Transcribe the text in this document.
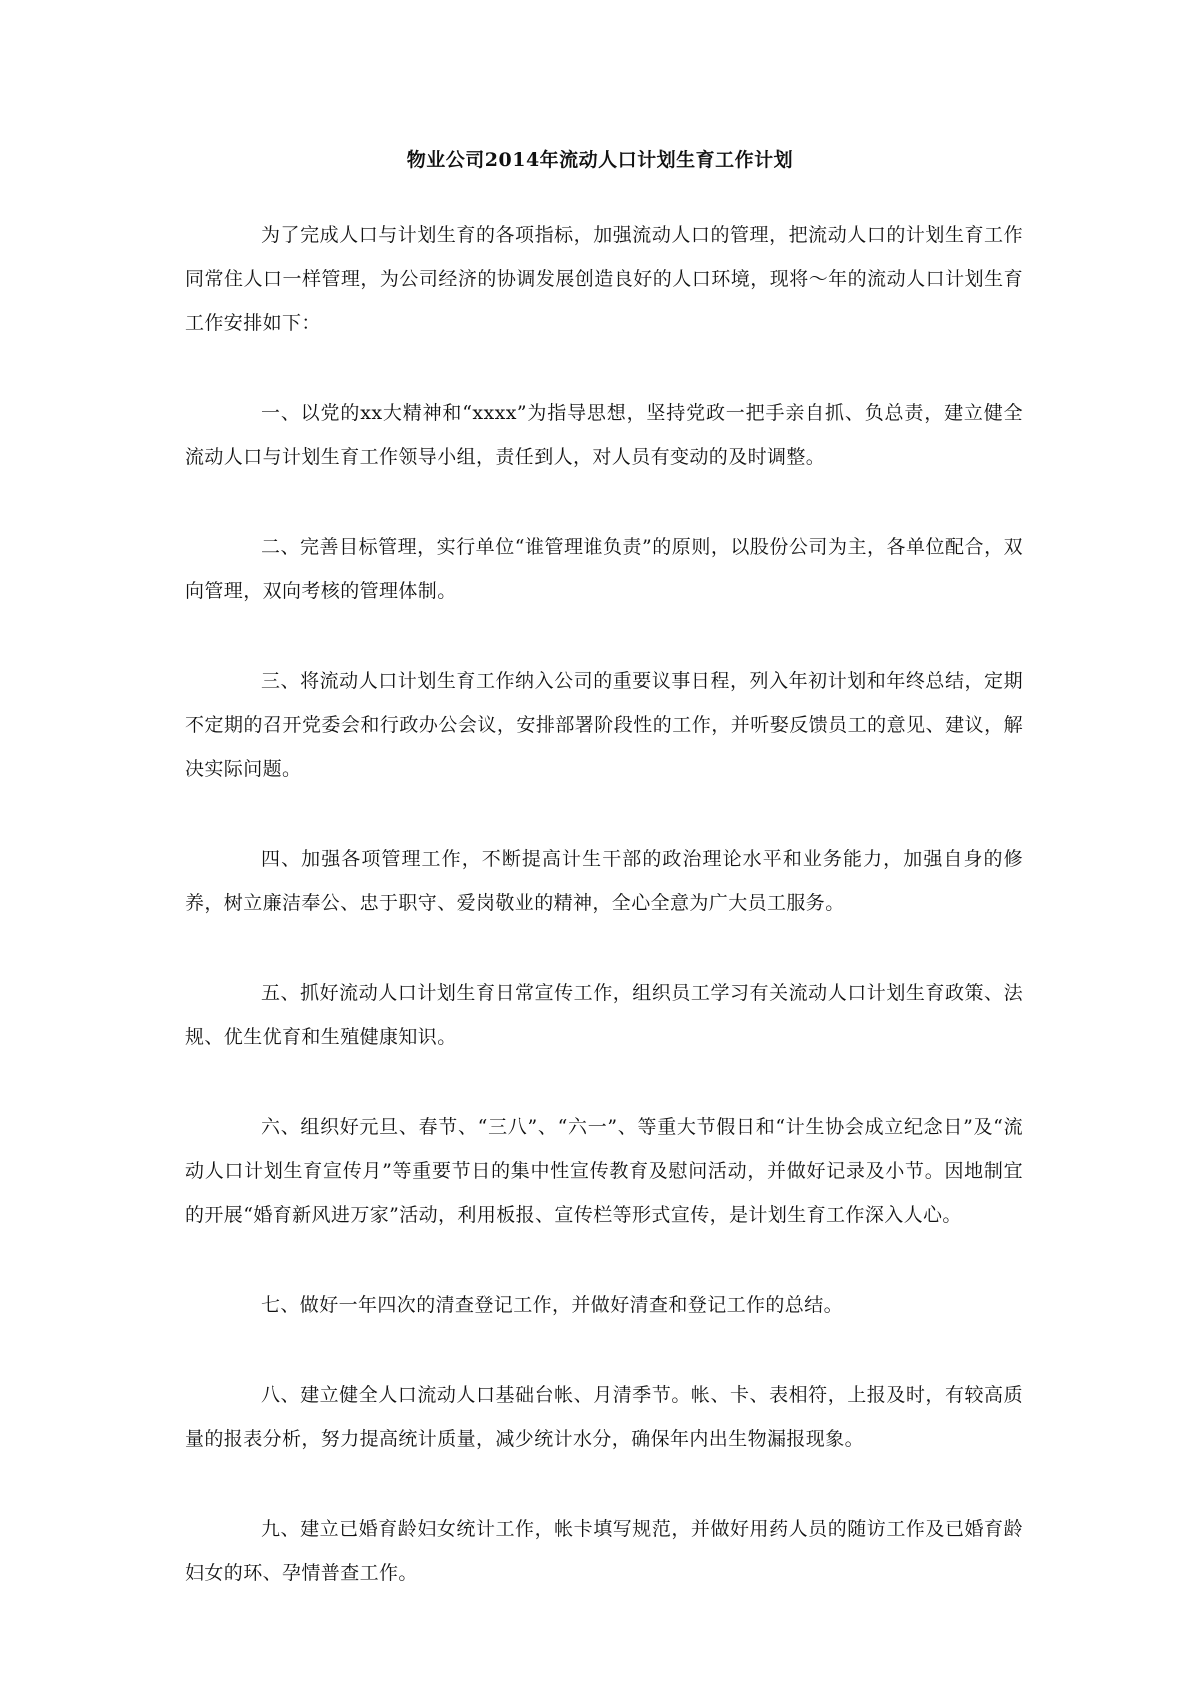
物业公司2014年流动人口计划生育工作计划

为了完成人口与计划生育的各项指标，加强流动人口的管理，把流动人口的计划生育工作同常住人口一样管理，为公司经济的协调发展创造良好的人口环境，现将～年的流动人口计划生育工作安排如下：

一、以党的xx大精神和“xxxx”为指导思想，坚持党政一把手亲自抓、负总责，建立健全流动人口与计划生育工作领导小组，责任到人，对人员有变动的及时调整。

二、完善目标管理，实行单位“谁管理谁负责”的原则，以股份公司为主，各单位配合，双向管理，双向考核的管理体制。

三、将流动人口计划生育工作纳入公司的重要议事日程，列入年初计划和年终总结，定期不定期的召开党委会和行政办公会议，安排部署阶段性的工作，并听娶反馈员工的意见、建议，解决实际问题。

四、加强各项管理工作，不断提高计生干部的政治理论水平和业务能力，加强自身的修养，树立廉洁奉公、忠于职守、爱岗敬业的精神，全心全意为广大员工服务。

五、抓好流动人口计划生育日常宣传工作，组织员工学习有关流动人口计划生育政策、法规、优生优育和生殖健康知识。

六、组织好元旦、春节、“三八”、“六一”、等重大节假日和“计生协会成立纪念日”及“流动人口计划生育宣传月”等重要节日的集中性宣传教育及慰问活动，并做好记录及小节。因地制宜的开展“婚育新风进万家”活动，利用板报、宣传栏等形式宣传，是计划生育工作深入人心。

七、做好一年四次的清查登记工作，并做好清查和登记工作的总结。

八、建立健全人口流动人口基础台帐、月清季节。帐、卡、表相符，上报及时，有较高质量的报表分析，努力提高统计质量，减少统计水分，确保年内出生物漏报现象。

九、建立已婚育龄妇女统计工作，帐卡填写规范，并做好用药人员的随访工作及已婚育龄妇女的环、孕情普查工作。
